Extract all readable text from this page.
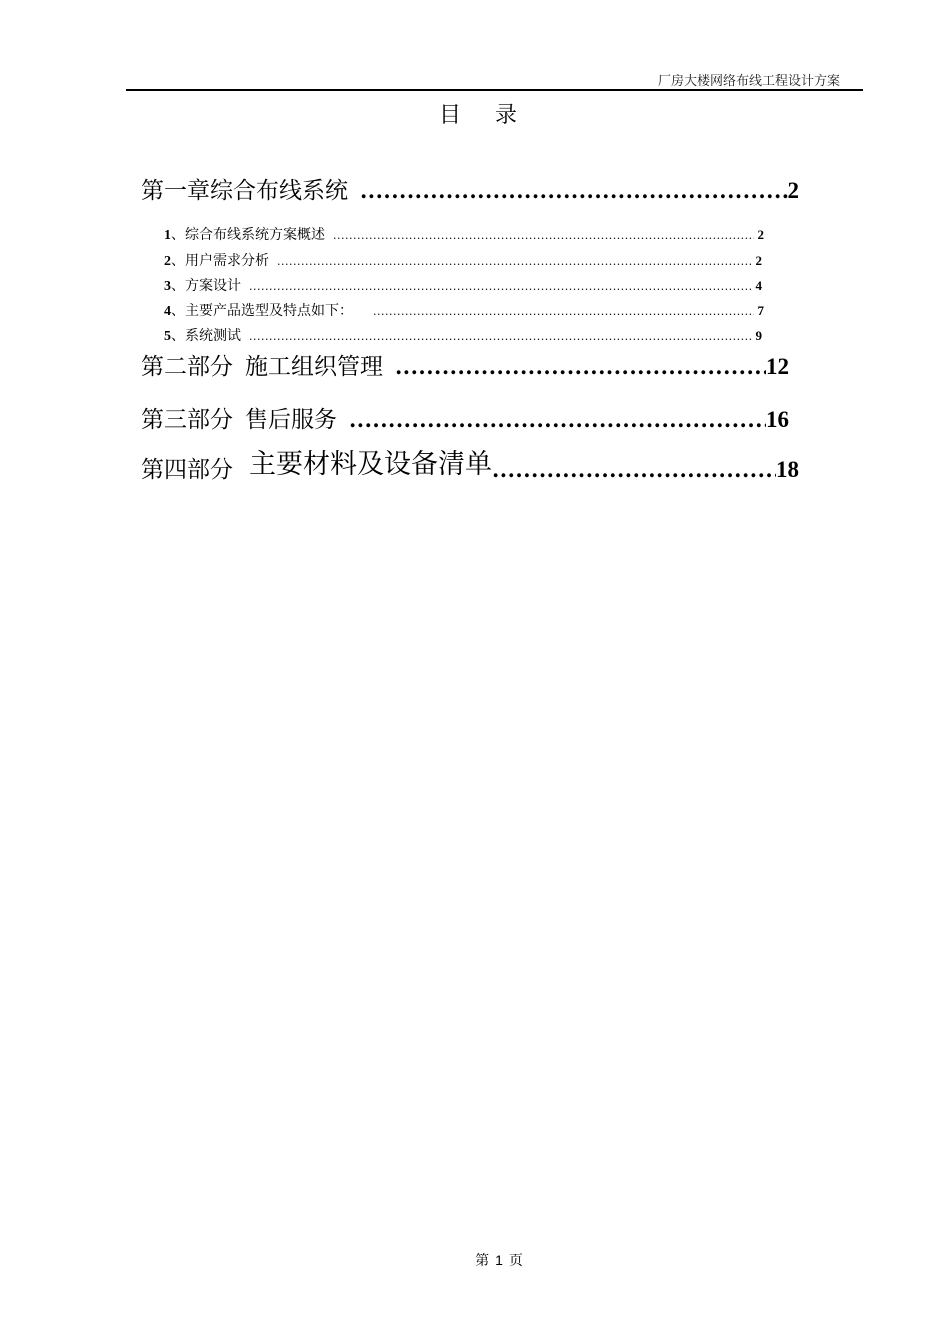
厂房大楼网络布线工程设计方案
目录
第一章 综合布线系统 .....	2
1 、综合布线系统方案概述 .....	2
2 、用户需求分析 .....	2
3 、方案设计 .....	4
4 、主要产品选型及特点如下： .....	7
5 、系统测试 .....	9
第二部分 施工组织管理 .....	12
第三部分 售后服务 .....	16
第四部分 主要材料及设备清单 .....	18
第 1 页
